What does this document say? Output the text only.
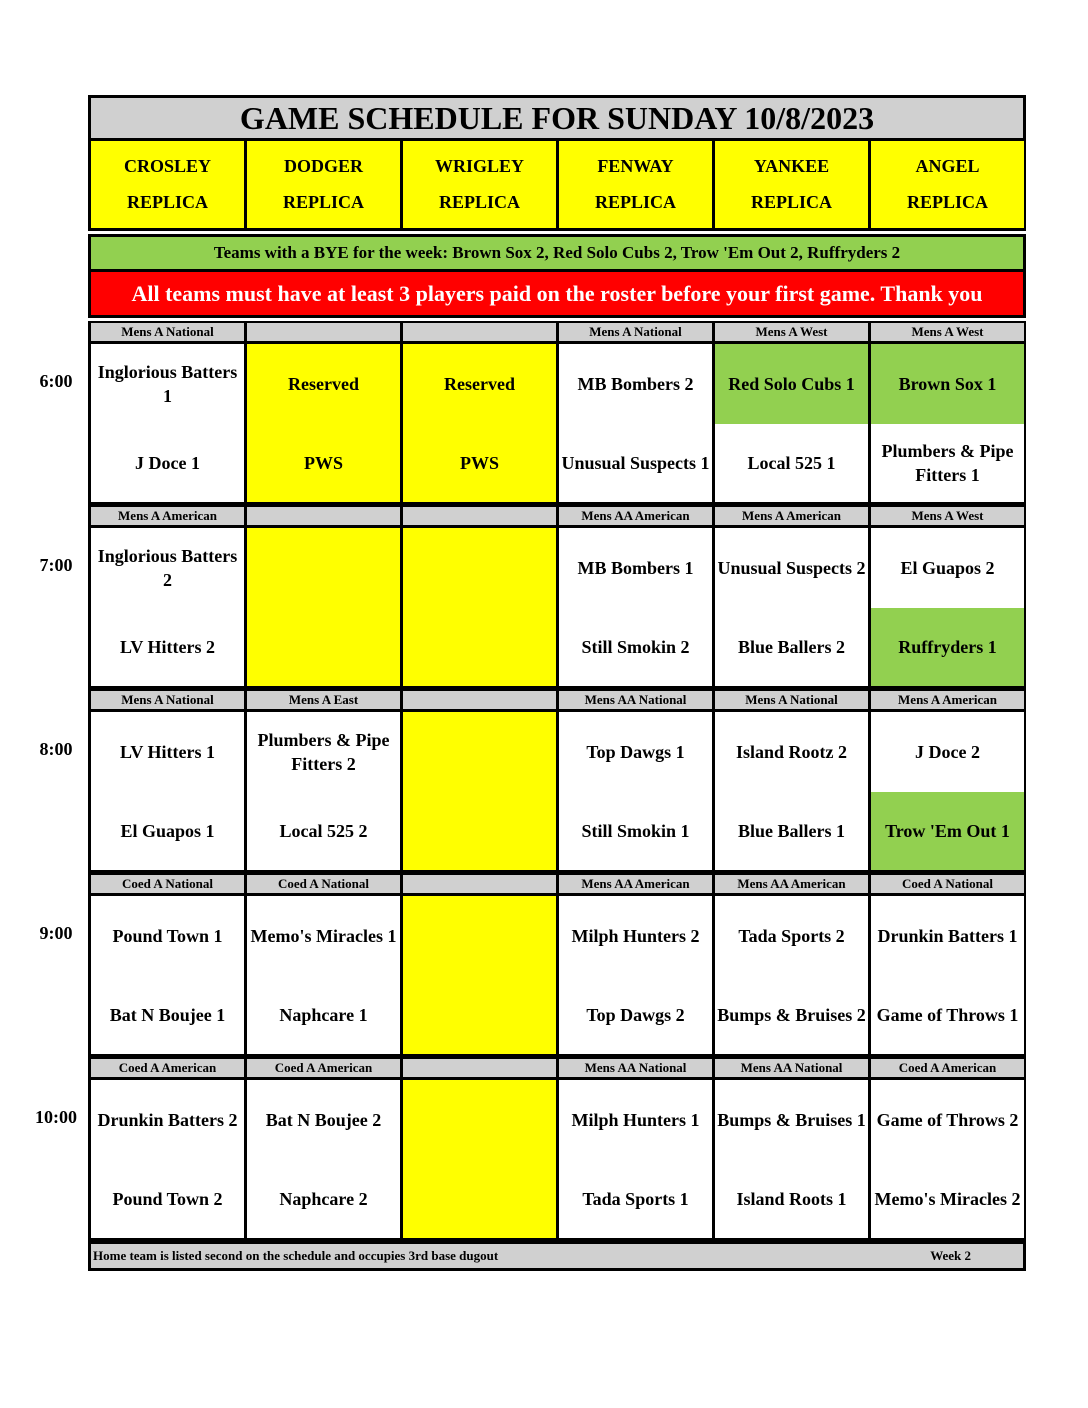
GAME SCHEDULE FOR SUNDAY 10/8/2023
CROSLEY
REPLICA
DODGER
REPLICA
WRIGLEY
REPLICA
FENWAY
REPLICA
YANKEE
REPLICA
ANGEL
REPLICA
Teams with a BYE for the week: Brown Sox 2, Red Solo Cubs 2, Trow 'Em Out 2, Ruffryders 2
All teams must have at least 3 players paid on the roster before your first game. Thank you
Mens A National
Inglorious Batters 1
J Doce 1
Reserved
PWS
Reserved
PWS
Mens A National
MB Bombers 2
Unusual Suspects 1
Mens A West
Red Solo Cubs 1
Local 525 1
Mens A West
Brown Sox 1
Plumbers & Pipe Fitters 1
6:00
Mens A American
Inglorious Batters 2
LV Hitters 2
Mens AA American
MB Bombers 1
Still Smokin 2
Mens A American
Unusual Suspects 2
Blue Ballers 2
Mens A West
El Guapos 2
Ruffryders 1
7:00
Mens A National
LV Hitters 1
El Guapos 1
Mens A East
Plumbers & Pipe Fitters 2
Local 525 2
Mens AA National
Top Dawgs 1
Still Smokin 1
Mens A National
Island Rootz 2
Blue Ballers 1
Mens A American
J Doce 2
Trow 'Em Out 1
8:00
Coed A National
Pound Town 1
Bat N Boujee 1
Coed A National
Memo's Miracles 1
Naphcare 1
Mens AA American
Milph Hunters 2
Top Dawgs 2
Mens AA American
Tada Sports 2
Bumps & Bruises 2
Coed A National
Drunkin Batters 1
Game of Throws 1
9:00
Coed A American
Drunkin Batters 2
Pound Town 2
Coed A American
Bat N Boujee 2
Naphcare 2
Mens AA National
Milph Hunters 1
Tada Sports 1
Mens AA National
Bumps & Bruises 1
Island Roots 1
Coed A American
Game of Throws 2
Memo's Miracles 2
10:00
Home team is listed second on the schedule and occupies 3rd base dugout	Week 2
